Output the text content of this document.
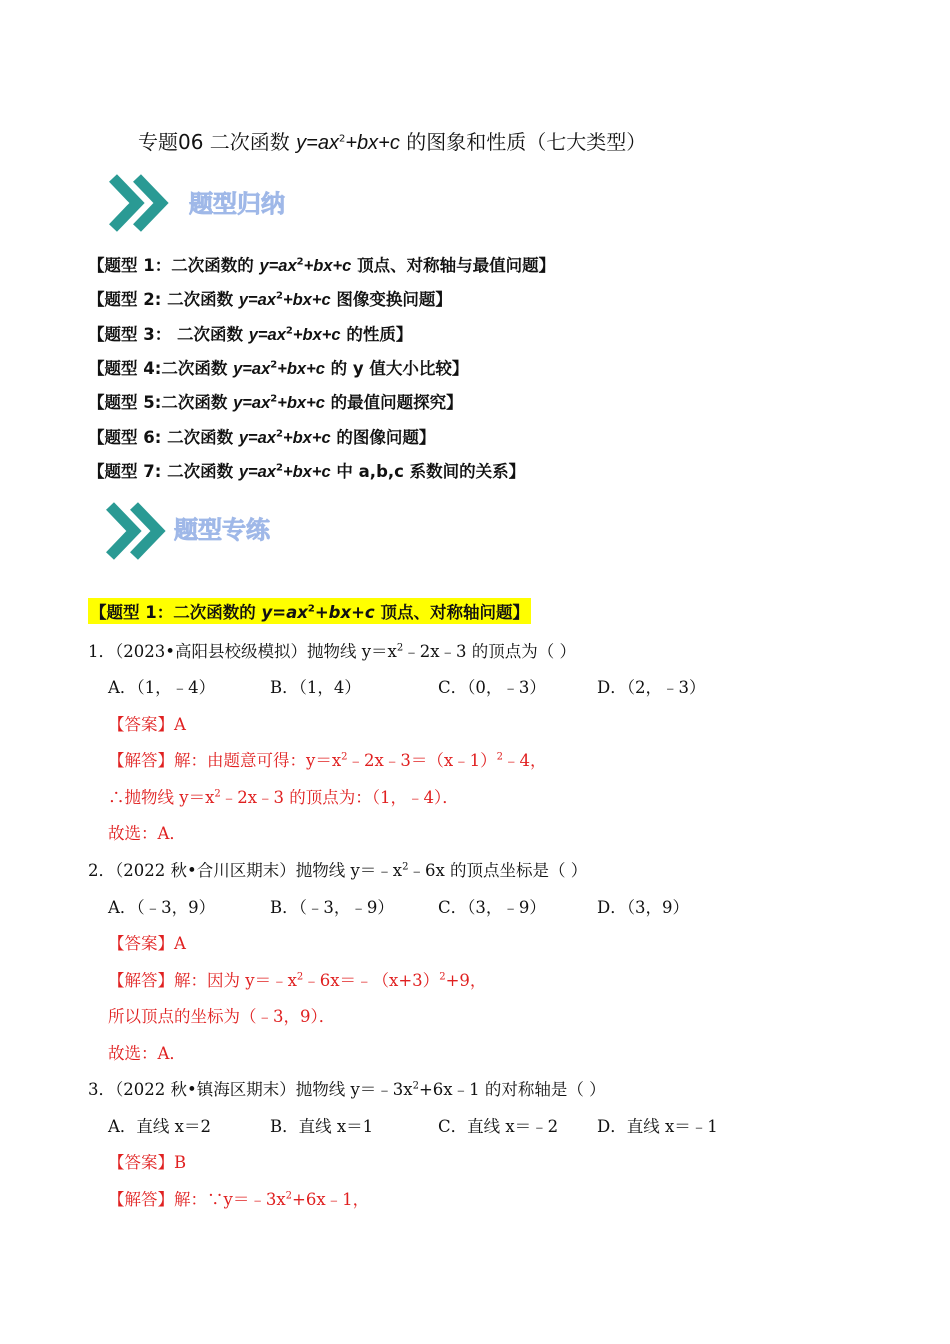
专题06 二次函数 $y=ax^2+bx+c$ 的图象和性质（七大类型）
题型归纳
【题型 1：二次函数的 $y=ax^2+bx+c$ 顶点、对称轴与最值问题】
【题型 2: 二次函数 $y=ax^2+bx+c$ 图像变换问题】
【题型 3： 二次函数 $y=ax^2+bx+c$ 的性质】
【题型 4:二次函数 $y=ax^2+bx+c$ 的 y 值大小比较】
【题型 5:二次函数 $y=ax^2+bx+c$ 的最值问题探究】
【题型 6: 二次函数 $y=ax^2+bx+c$ 的图像问题】
【题型 7: 二次函数 $y=ax^2+bx+c$ 中 a,b,c 系数间的关系】
题型专练
【题型 1：二次函数的 $y=ax^2+bx+c$ 顶点、对称轴问题】
1．（2023•高阳县校级模拟）抛物线 $y=x^2﹣2x﹣3$ 的顶点为（ ）
A．（1，﹣4）	B．（1，4）	C．（0，﹣3）	D．（2，﹣3）
【答案】A
【解答】解：由题意可得：$y=x^2﹣2x﹣3=(x﹣1)^2﹣4$，
∴抛物线 $y=x^2﹣2x﹣3$ 的顶点为：（1，﹣4）．
故选：A．
2．（2022 秋•合川区期末）抛物线 $y=﹣x^2﹣6x$ 的顶点坐标是（ ）
A．（﹣3，9）	B．（﹣3，﹣9）	C．（3，﹣9）	D．（3，9）
【答案】A
【解答】解：因为 $y=﹣x^2﹣6x=﹣(x+3)^2+9$，
所以顶点的坐标为（﹣3，9）．
故选：A．
3．（2022 秋•镇海区期末）抛物线 $y=﹣3x^2+6x﹣1$ 的对称轴是（ ）
A．直线 x＝2	B．直线 x＝1	C．直线 x＝﹣2 D．直线 x＝﹣1
【答案】B
【解答】解：$\because y=﹣3x^2+6x﹣1$，
